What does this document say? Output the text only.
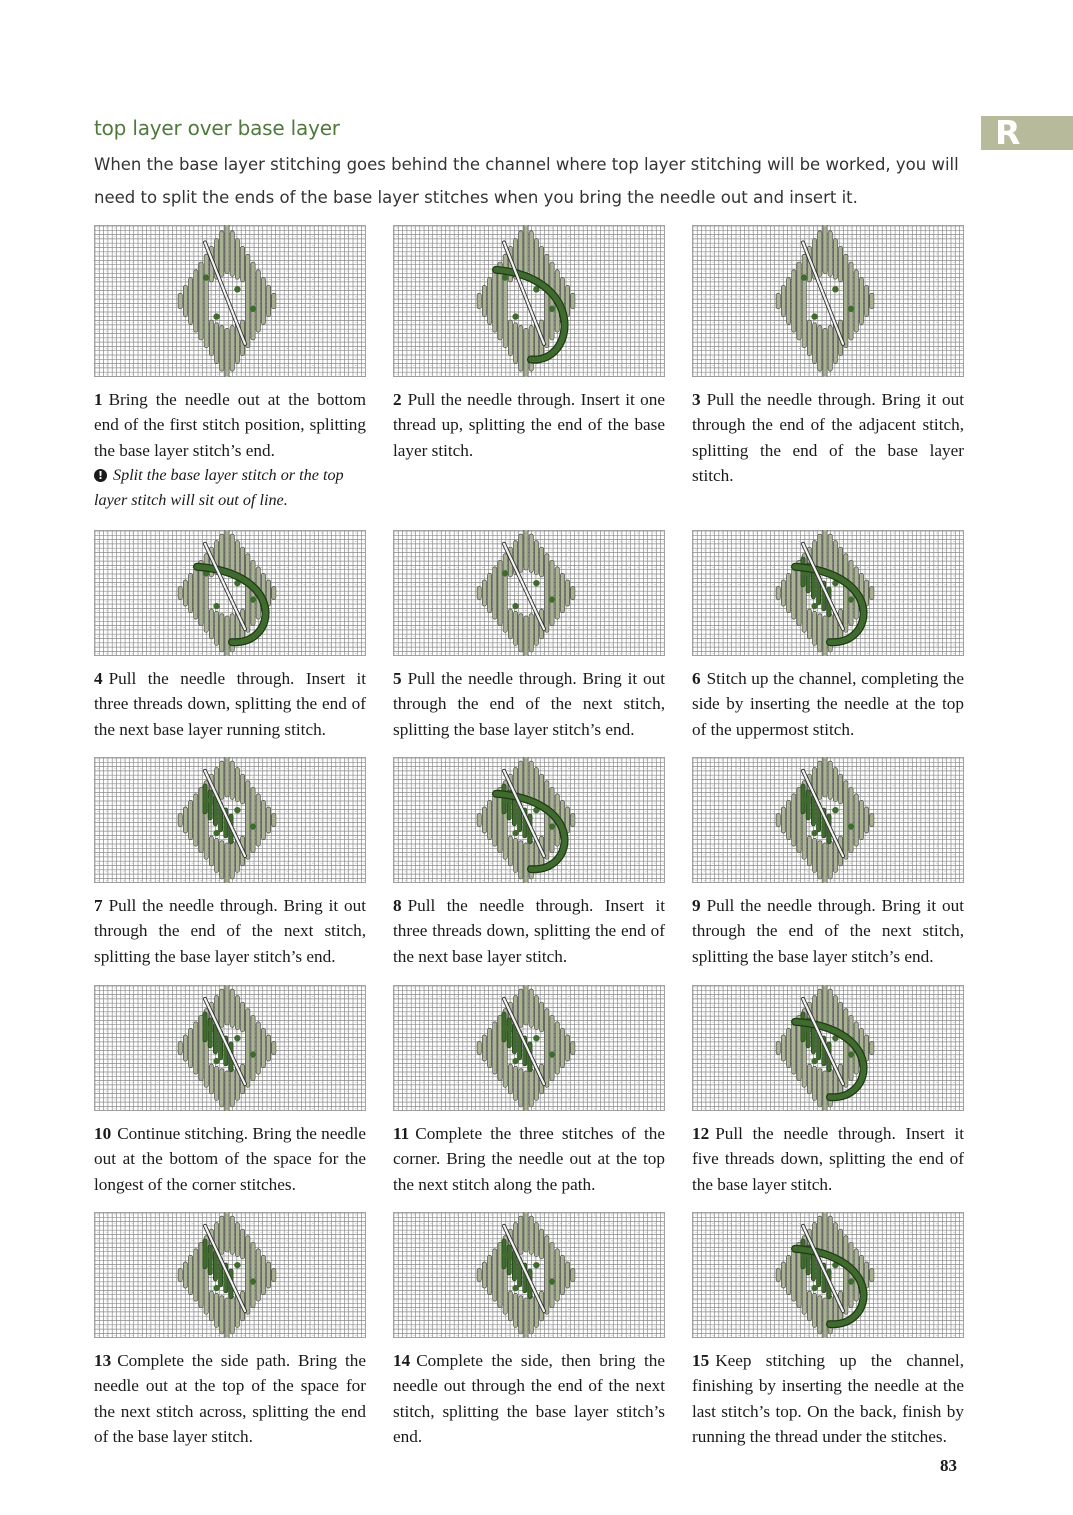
top layer over base layer

When the base layer stitching goes behind the channel where top layer stitching will be worked, you will need to split the ends of the base layer stitches when you bring the needle out and insert it.

R

1 Bring the needle out at the bottom end of the first stitch position, splitting the base layer stitch’s end.

! Split the base layer stitch or the top layer stitch will sit out of line.

2 Pull the needle through. Insert it one thread up, splitting the end of the base layer stitch.

3 Pull the needle through. Bring it out through the end of the adjacent stitch, splitting the end of the base layer stitch.

4 Pull the needle through. Insert it three threads down, splitting the end of the next base layer running stitch.

5 Pull the needle through. Bring it out through the end of the next stitch, splitting the base layer stitch’s end.

6 Stitch up the channel, completing the side by inserting the needle at the top of the uppermost stitch.

7 Pull the needle through. Bring it out through the end of the next stitch, splitting the base layer stitch’s end.

8 Pull the needle through. Insert it three threads down, splitting the end of the next base layer stitch.

9 Pull the needle through. Bring it out through the end of the next stitch, splitting the base layer stitch’s end.

10 Continue stitching. Bring the needle out at the bottom of the space for the longest of the corner stitches.

11 Complete the three stitches of the corner. Bring the needle out at the top the next stitch along the path.

12 Pull the needle through. Insert it five threads down, splitting the end of the base layer stitch.

13 Complete the side path. Bring the needle out at the top of the space for the next stitch across, splitting the end of the base layer stitch.

14 Complete the side, then bring the needle out through the end of the next stitch, splitting the base layer stitch’s end.

15 Keep stitching up the channel, finishing by inserting the needle at the last stitch’s top. On the back, finish by running the thread under the stitches.

83
